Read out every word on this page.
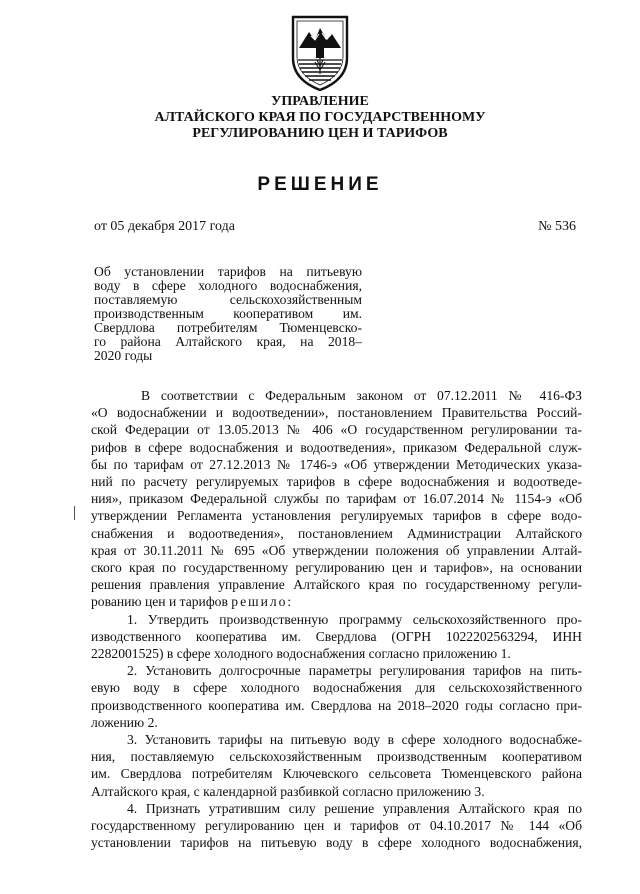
УПРАВЛЕНИЕ
АЛТАЙСКОГО КРАЯ ПО ГОСУДАРСТВЕННОМУ
РЕГУЛИРОВАНИЮ ЦЕН И ТАРИФОВ
РЕШЕНИЕ
от 05 декабря 2017 года	№ 536
Об установлении тарифов на питьевую
воду в сфере холодного водоснабжения,
поставляемую сельскохозяйственным
производственным кооперативом им.
Свердлова потребителям Тюменцевско-
го района Алтайского края, на 2018–
2020 годы
В соответствии с Федеральным законом от 07.12.2011 № 416-ФЗ
«О водоснабжении и водоотведении», постановлением Правительства Россий-
ской Федерации от 13.05.2013 № 406 «О государственном регулировании та-
рифов в сфере водоснабжения и водоотведения», приказом Федеральной служ-
бы по тарифам от 27.12.2013 № 1746-э «Об утверждении Методических указа-
ний по расчету регулируемых тарифов в сфере водоснабжения и водоотведе-
ния», приказом Федеральной службы по тарифам от 16.07.2014 № 1154-э «Об
утверждении Регламента установления регулируемых тарифов в сфере водо-
снабжения и водоотведения», постановлением Администрации Алтайского
края от 30.11.2011 № 695 «Об утверждении положения об управлении Алтай-
ского края по государственному регулированию цен и тарифов», на основании
решения правления управление Алтайского края по государственному регули-
рованию цен и тарифов решило:
1. Утвердить производственную программу сельскохозяйственного про-
изводственного кооператива им. Свердлова (ОГРН 1022202563294, ИНН
2282001525) в сфере холодного водоснабжения согласно приложению 1.
2. Установить долгосрочные параметры регулирования тарифов на пить-
евую воду в сфере холодного водоснабжения для сельскохозяйственного
производственного кооператива им. Свердлова на 2018–2020 годы согласно при-
ложению 2.
3. Установить тарифы на питьевую воду в сфере холодного водоснабже-
ния, поставляемую сельскохозяйственным производственным кооперативом
им. Свердлова потребителям Ключевского сельсовета Тюменцевского района
Алтайского края, с календарной разбивкой согласно приложению 3.
4. Признать утратившим силу решение управления Алтайского края по
государственному регулированию цен и тарифов от 04.10.2017 № 144 «Об
установлении тарифов на питьевую воду в сфере холодного водоснабжения,
